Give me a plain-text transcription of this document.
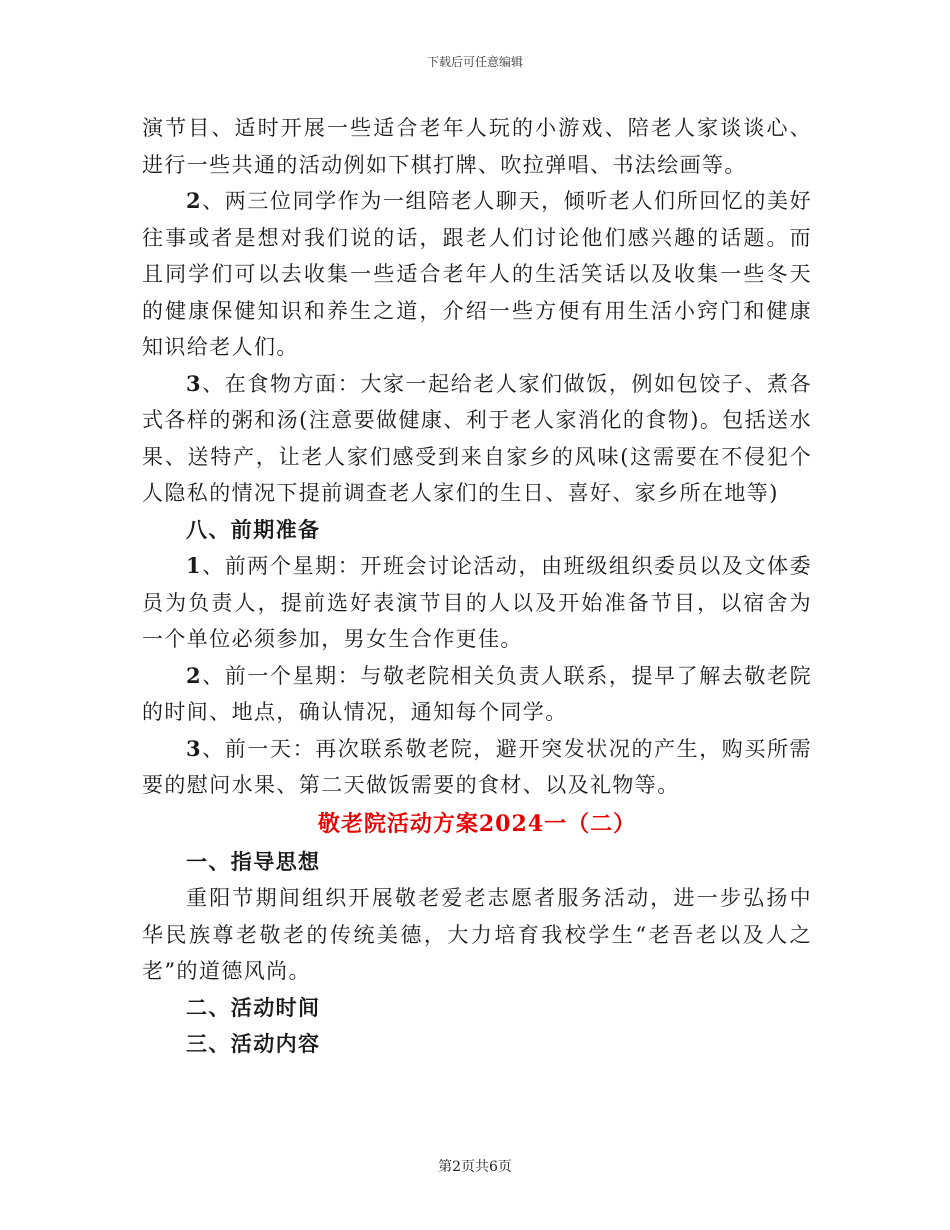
下载后可任意编辑

演节目、适时开展一些适合老年人玩的小游戏、陪老人家谈谈心、进行一些共通的活动例如下棋打牌、吹拉弹唱、书法绘画等。

2、两三位同学作为一组陪老人聊天，倾听老人们所回忆的美好往事或者是想对我们说的话，跟老人们讨论他们感兴趣的话题。而且同学们可以去收集一些适合老年人的生活笑话以及收集一些冬天的健康保健知识和养生之道，介绍一些方便有用生活小窍门和健康知识给老人们。

3、在食物方面：大家一起给老人家们做饭，例如包饺子、煮各式各样的粥和汤(注意要做健康、利于老人家消化的食物)。包括送水果、送特产，让老人家们感受到来自家乡的风味(这需要在不侵犯个人隐私的情况下提前调查老人家们的生日、喜好、家乡所在地等)

八、前期准备

1、前两个星期：开班会讨论活动，由班级组织委员以及文体委员为负责人，提前选好表演节目的人以及开始准备节目，以宿舍为一个单位必须参加，男女生合作更佳。

2、前一个星期：与敬老院相关负责人联系，提早了解去敬老院的时间、地点，确认情况，通知每个同学。

3、前一天：再次联系敬老院，避开突发状况的产生，购买所需要的慰问水果、第二天做饭需要的食材、以及礼物等。

敬老院活动方案2024一（二）

一、指导思想

重阳节期间组织开展敬老爱老志愿者服务活动，进一步弘扬中华民族尊老敬老的传统美德，大力培育我校学生“老吾老以及人之老”的道德风尚。

二、活动时间

三、活动内容

第2页共6页
